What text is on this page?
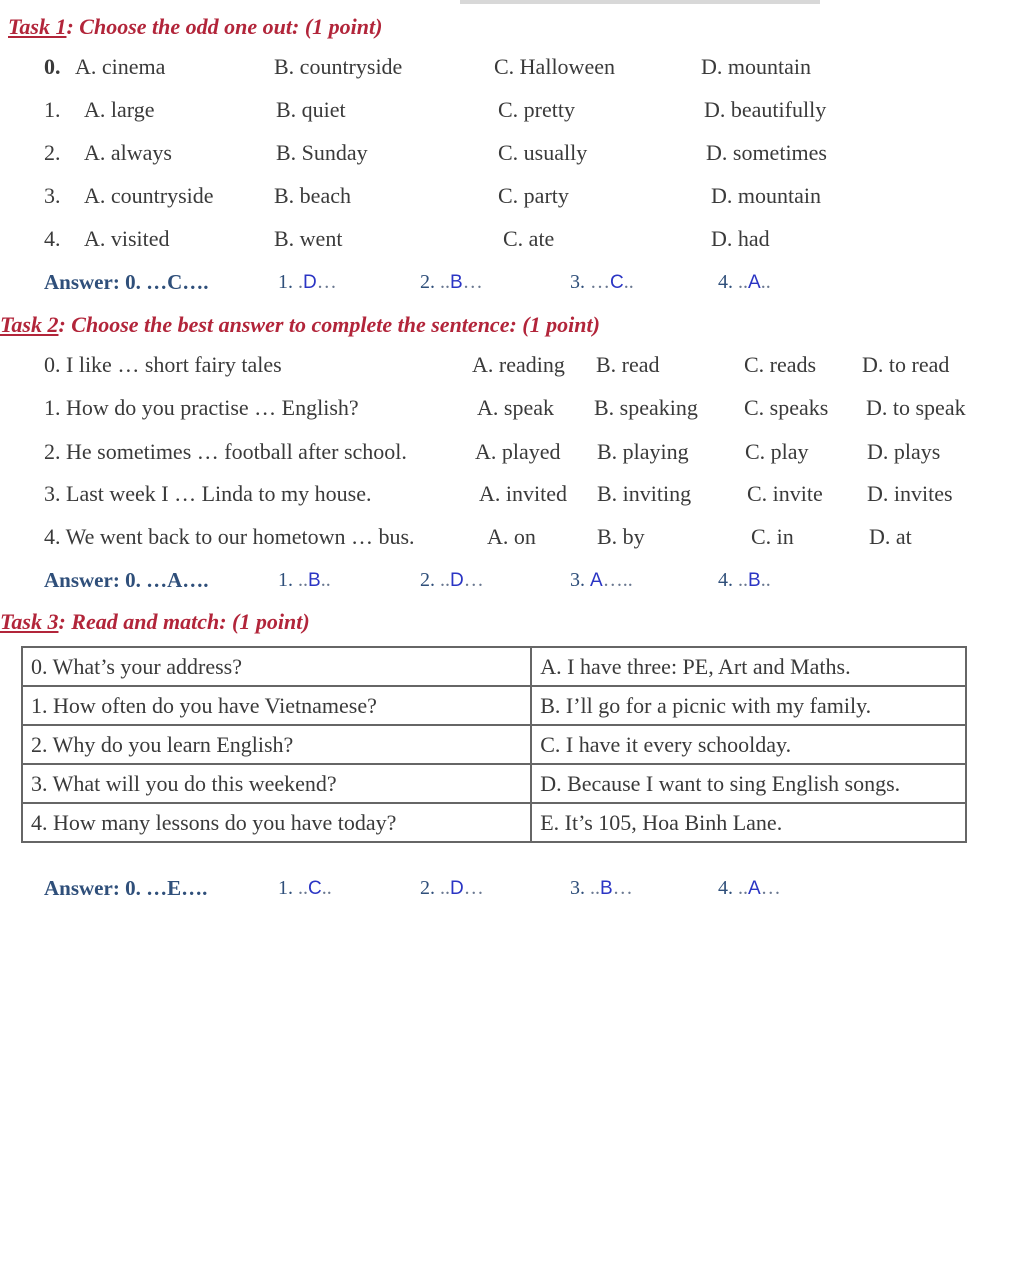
Task 1: Choose the odd one out: (1 point)
0. A. cinema	B. countryside	C. Halloween	D. mountain
1. A. large	B. quiet	C. pretty	D. beautifully
2. A. always	B. Sunday	C. usually	D. sometimes
3. A. countryside	B. beach	C. party	D. mountain
4. A. visited	B. went	C. ate	D. had
Answer: 0. …C….	1. .D…	2. ..B…	3. …C..	4. ..A..
Task 2: Choose the best answer to complete the sentence: (1 point)
0. I like … short fairy tales	A. reading B. read	C. reads D. to read
1. How do you practise … English?	A. speak B. speaking C. speaks D. to speak
2. He sometimes … football after school.	A. played B. playing	C. play	D. plays
3. Last week I … Linda to my house.	A. invited B. inviting	C. invite D. invites
4. We went back to our hometown … bus.	A. on	B. by	C. in	D. at
Answer: 0. …A….	1. ..B..	2. ..D…	3. A…..	4. ..B..
Task 3: Read and match: (1 point)
0. What’s your address?	A. I have three: PE, Art and Maths.
1. How often do you have Vietnamese?	B. I’ll go for a picnic with my family.
2. Why do you learn English?	C. I have it every schoolday.
3. What will you do this weekend?	D. Because I want to sing English songs.
4. How many lessons do you have today?	E. It’s 105, Hoa Binh Lane.
Answer: 0. …E….	1. ..C..	2. ..D…	3. ..B…	4. ..A…
